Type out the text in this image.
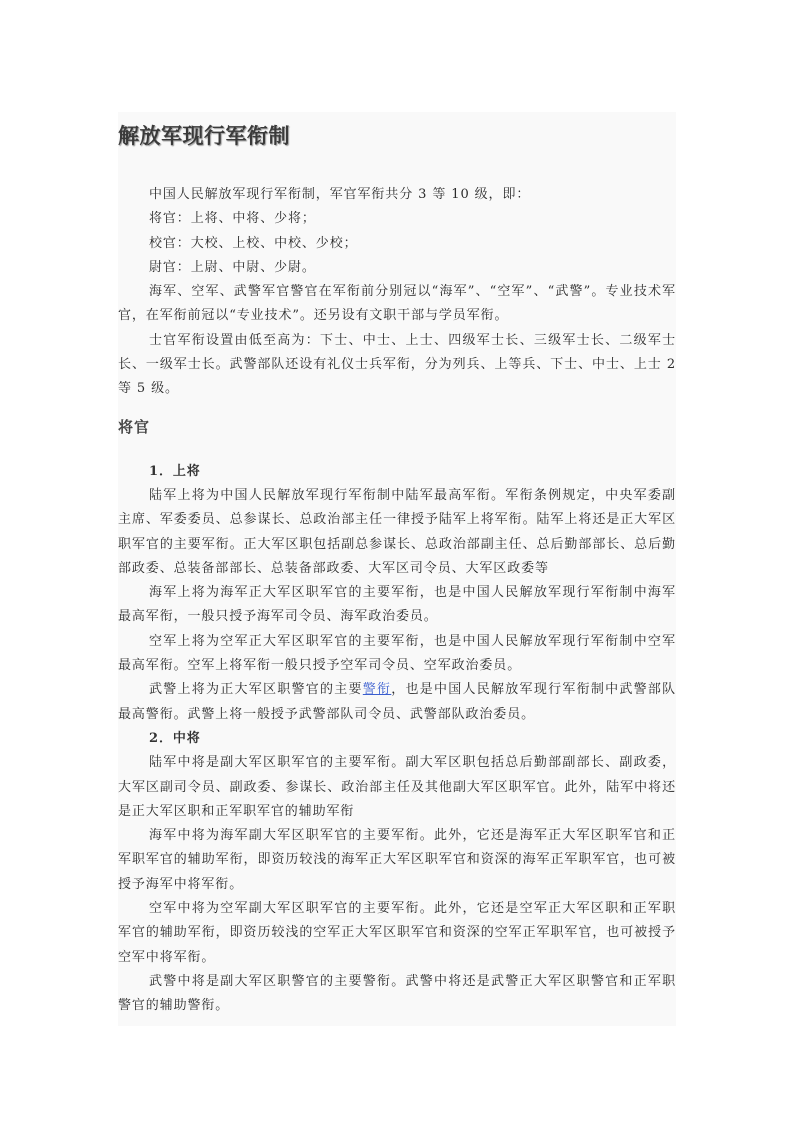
解放军现行军衔制

中国人民解放军现行军衔制，军官军衔共分 3 等 10 级，即：

将官：上将、中将、少将；

校官：大校、上校、中校、少校；

尉官：上尉、中尉、少尉。

海军、空军、武警军官警官在军衔前分别冠以“海军”、“空军”、“武警”。专业技术军官，在军衔前冠以“专业技术”。还另设有文职干部与学员军衔。

士官军衔设置由低至高为：下士、中士、上士、四级军士长、三级军士长、二级军士长、一级军士长。武警部队还设有礼仪士兵军衔，分为列兵、上等兵、下士、中士、上士 2 等 5 级。

将官

1．上将

陆军上将为中国人民解放军现行军衔制中陆军最高军衔。军衔条例规定，中央军委副主席、军委委员、总参谋长、总政治部主任一律授予陆军上将军衔。陆军上将还是正大军区职军官的主要军衔。正大军区职包括副总参谋长、总政治部副主任、总后勤部部长、总后勤部政委、总装备部部长、总装备部政委、大军区司令员、大军区政委等

海军上将为海军正大军区职军官的主要军衔，也是中国人民解放军现行军衔制中海军最高军衔，一般只授予海军司令员、海军政治委员。

空军上将为空军正大军区职军官的主要军衔，也是中国人民解放军现行军衔制中空军最高军衔。空军上将军衔一般只授予空军司令员、空军政治委员。

武警上将为正大军区职警官的主要警衔，也是中国人民解放军现行军衔制中武警部队最高警衔。武警上将一般授予武警部队司令员、武警部队政治委员。

2．中将

陆军中将是副大军区职军官的主要军衔。副大军区职包括总后勤部副部长、副政委，大军区副司令员、副政委、参谋长、政治部主任及其他副大军区职军官。此外，陆军中将还是正大军区职和正军职军官的辅助军衔

海军中将为海军副大军区职军官的主要军衔。此外，它还是海军正大军区职军官和正军职军官的辅助军衔，即资历较浅的海军正大军区职军官和资深的海军正军职军官，也可被授予海军中将军衔。

空军中将为空军副大军区职军官的主要军衔。此外，它还是空军正大军区职和正军职军官的辅助军衔，即资历较浅的空军正大军区职军官和资深的空军正军职军官，也可被授予空军中将军衔。

武警中将是副大军区职警官的主要警衔。武警中将还是武警正大军区职警官和正军职警官的辅助警衔。
